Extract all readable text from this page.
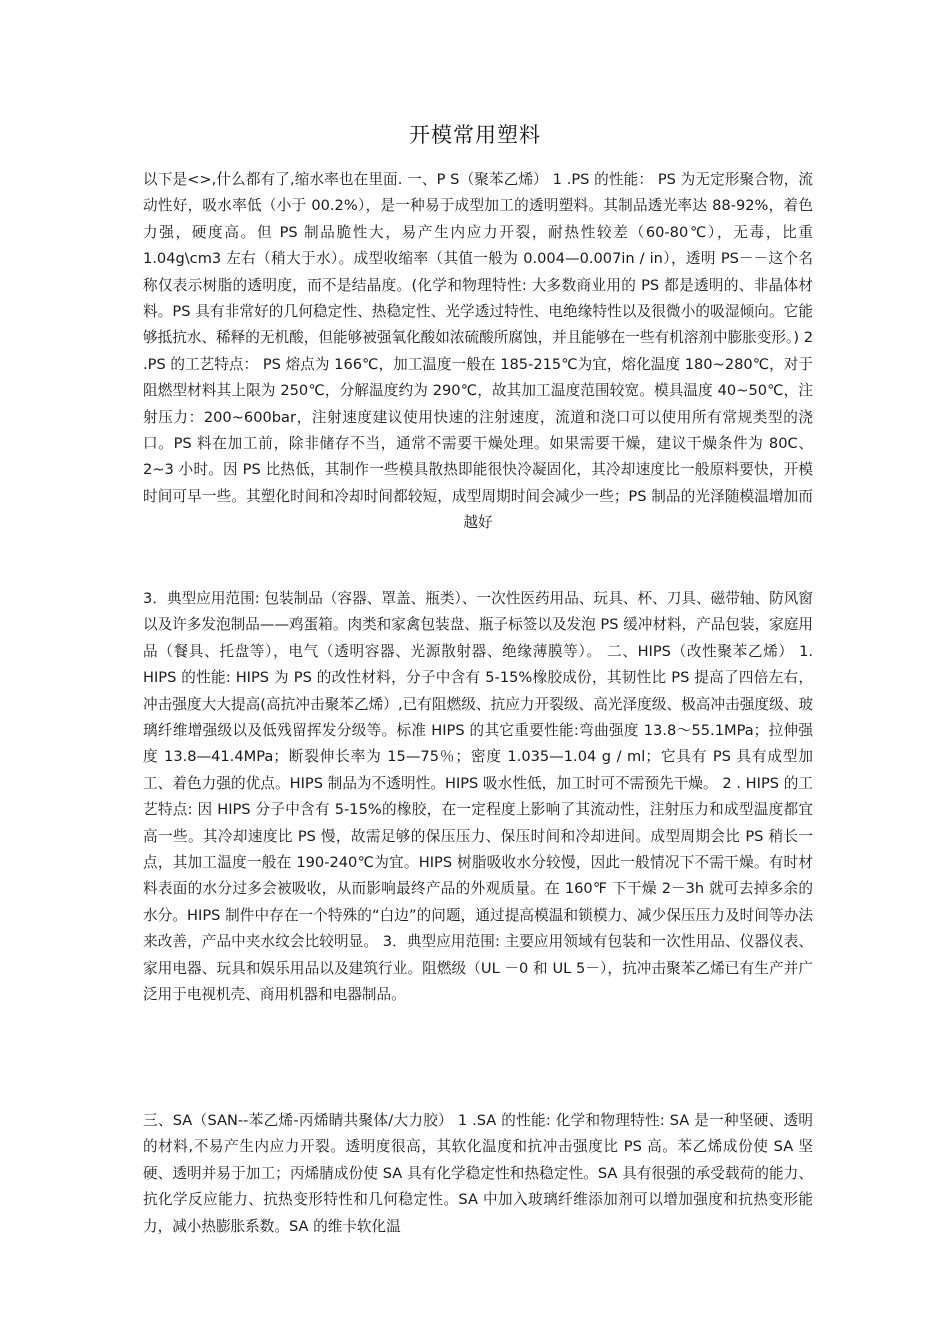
开模常用塑料

以下是<>,什么都有了,缩水率也在里面. 一、P S（聚苯乙烯） 1 .PS 的性能： PS 为无定形聚合物，流动性好，吸水率低（小于 00.2%），是一种易于成型加工的透明塑料。其制品透光率达 88-92%，着色力强，硬度高。但 PS 制品脆性大，易产生内应力开裂，耐热性较差（60-80℃），无毒，比重 1.04g\cm3 左右（稍大于水）。成型收缩率（其值一般为 0.004—0.007in / in），透明 PS－－这个名称仅表示树脂的透明度，而不是结晶度。(化学和物理特性: 大多数商业用的 PS 都是透明的、非晶体材料。PS 具有非常好的几何稳定性、热稳定性、光学透过特性、电绝缘特性以及很微小的吸湿倾向。它能够抵抗水、稀释的无机酸，但能够被强氧化酸如浓硫酸所腐蚀，并且能够在一些有机溶剂中膨胀变形。) 2 .PS 的工艺特点： PS 熔点为 166℃，加工温度一般在 185-215℃为宜，熔化温度 180~280℃，对于阻燃型材料其上限为 250℃，分解温度约为 290℃，故其加工温度范围较宽。模具温度 40~50℃，注射压力：200~600bar，注射速度建议使用快速的注射速度，流道和浇口可以使用所有常规类型的浇口。PS 料在加工前，除非储存不当，通常不需要干燥处理。如果需要干燥，建议干燥条件为 80C、2~3 小时。因 PS 比热低，其制作一些模具散热即能很快冷凝固化，其冷却速度比一般原料要快，开模时间可早一些。其塑化时间和冷却时间都较短，成型周期时间会减少一些；PS 制品的光泽随模温增加而越好

3．典型应用范围: 包装制品（容器、罩盖、瓶类）、一次性医药用品、玩具、杯、刀具、磁带轴、防风窗以及许多发泡制品——鸡蛋箱。肉类和家禽包装盘、瓶子标签以及发泡 PS 缓冲材料，产品包装，家庭用品（餐具、托盘等），电气（透明容器、光源散射器、绝缘薄膜等）。 二、HIPS（改性聚苯乙烯） 1. HIPS 的性能: HIPS 为 PS 的改性材料，分子中含有 5-15%橡胶成份，其韧性比 PS 提高了四倍左右，冲击强度大大提高(高抗冲击聚苯乙烯）,已有阻燃级、抗应力开裂级、高光泽度级、极高冲击强度级、玻璃纤维增强级以及低残留挥发分级等。标准 HIPS 的其它重要性能:弯曲强度 13.8～55.1MPa；拉伸强度 13.8—41.4MPa；断裂伸长率为 15—75％；密度 1.035—1.04 g / ml；它具有 PS 具有成型加工、着色力强的优点。HIPS 制品为不透明性。HIPS 吸水性低，加工时可不需预先干燥。 2 . HIPS 的工艺特点: 因 HIPS 分子中含有 5-15%的橡胶，在一定程度上影响了其流动性，注射压力和成型温度都宜高一些。其冷却速度比 PS 慢，故需足够的保压压力、保压时间和冷却进间。成型周期会比 PS 稍长一点，其加工温度一般在 190-240℃为宜。HIPS 树脂吸收水分较慢，因此一般情况下不需干燥。有时材料表面的水分过多会被吸收，从而影响最终产品的外观质量。在 160℉ 下干燥 2－3h 就可去掉多余的水分。HIPS 制件中存在一个特殊的“白边”的问题，通过提高模温和锁模力、减少保压压力及时间等办法来改善，产品中夹水纹会比较明显。 3．典型应用范围: 主要应用领域有包装和一次性用品、仪器仪表、家用电器、玩具和娱乐用品以及建筑行业。阻燃级（UL －0 和 UL 5－），抗冲击聚苯乙烯已有生产并广泛用于电视机壳、商用机器和电器制品。

三、SA（SAN--苯乙烯-丙烯睛共聚体/大力胶） 1 .SA 的性能: 化学和物理特性: SA 是一种坚硬、透明的材料,不易产生内应力开裂。透明度很高，其软化温度和抗冲击强度比 PS 高。苯乙烯成份使 SA 坚硬、透明并易于加工；丙烯腈成份使 SA 具有化学稳定性和热稳定性。SA 具有很强的承受载荷的能力、抗化学反应能力、抗热变形特性和几何稳定性。SA 中加入玻璃纤维添加剂可以增加强度和抗热变形能力，减小热膨胀系数。SA 的维卡软化温
